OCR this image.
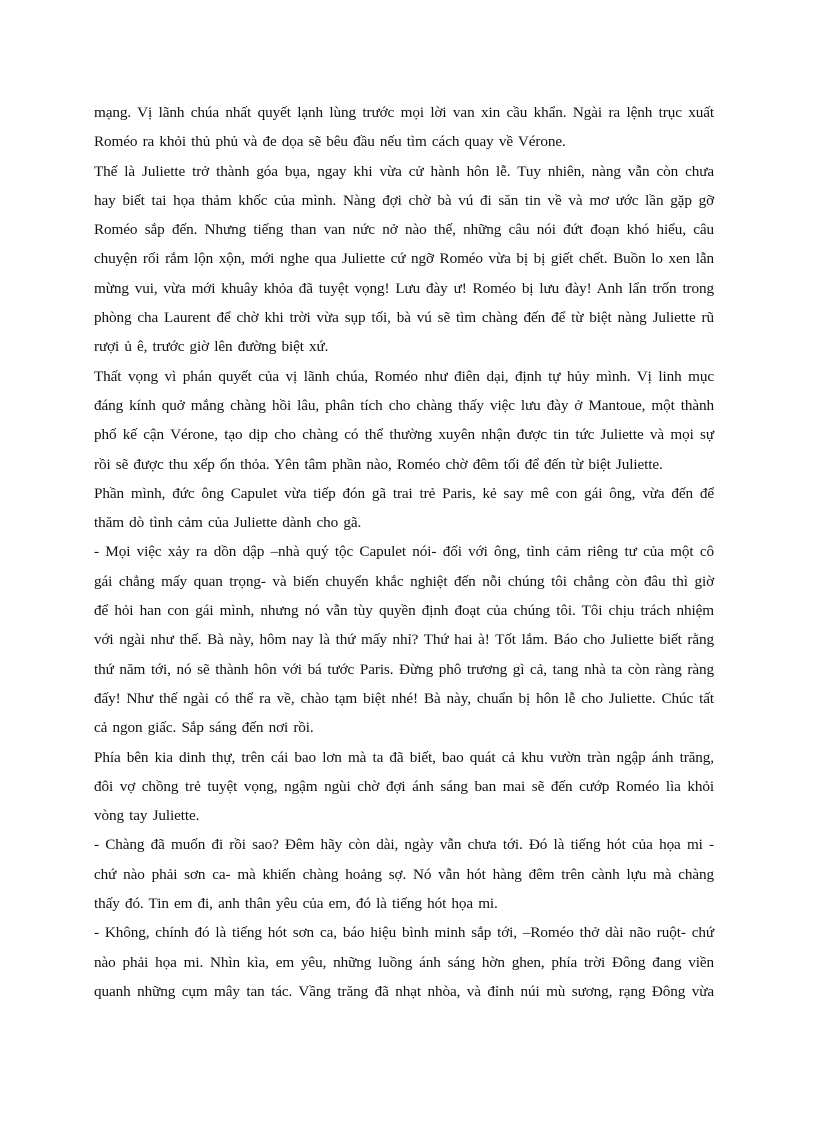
mạng. Vị lãnh chúa nhất quyết lạnh lùng trước mọi lời van xin cầu khẩn. Ngài ra lệnh trục xuất
Roméo ra khỏi thủ phủ và đe dọa sẽ bêu đầu nếu tìm cách quay về Vérone.
Thế là Juliette trở thành góa bụa, ngay khi vừa cử hành hôn lễ. Tuy nhiên, nàng vẫn còn chưa
hay biết tai họa thảm khốc của mình. Nàng đợi chờ bà vú đi săn tin về và mơ ước lần gặp gỡ
Roméo sắp đến. Nhưng tiếng than van nức nở nào thế, những câu nói đứt đoạn khó hiểu, câu
chuyện rối rắm lộn xộn, mới nghe qua Juliette cứ ngỡ Roméo vừa bị bị giết chết. Buồn lo xen lẫn
mừng vui, vừa mới khuây khỏa đã tuyệt vọng! Lưu đày ư! Roméo bị lưu đày! Anh lẩn trốn trong
phòng cha Laurent để chờ khi trời vừa sụp tối, bà vú sẽ tìm chàng đến để từ biệt nàng Juliette rũ
rượi ủ ê, trước giờ lên đường biệt xứ.
Thất vọng vì phán quyết của vị lãnh chúa, Roméo như điên dại, định tự hủy mình. Vị linh mục
đáng kính quở mắng chàng hồi lâu, phân tích cho chàng thấy việc lưu đày ở Mantoue, một thành
phố kế cận Vérone, tạo dịp cho chàng có thể thường xuyên nhận được tin tức Juliette và mọi sự
rồi sẽ được thu xếp ổn thỏa. Yên tâm phần nào, Roméo chờ đêm tối để đến từ biệt Juliette.
Phần mình, đức ông Capulet vừa tiếp đón gã trai trẻ Paris, kẻ say mê con gái ông, vừa đến để
thăm dò tình cảm của Juliette dành cho gã.
- Mọi việc xảy ra dồn dập –nhà quý tộc Capulet nói- đối với ông, tình cảm riêng tư của một cô
gái chẳng mấy quan trọng- và biến chuyển khắc nghiệt đến nỗi chúng tôi chẳng còn đâu thì giờ
để hỏi han con gái mình, nhưng nó vẫn tùy quyền định đoạt của chúng tôi. Tôi chịu trách nhiệm
với ngài như thế. Bà này, hôm nay là thứ mấy nhỉ? Thứ hai à! Tốt lắm. Báo cho Juliette biết rằng
thứ năm tới, nó sẽ thành hôn với bá tước Paris. Đừng phô trương gì cả, tang nhà ta còn ràng ràng
đấy! Như thế ngài có thể ra về, chào tạm biệt nhé! Bà này, chuẩn bị hôn lễ cho Juliette. Chúc tất
cả ngon giấc. Sắp sáng đến nơi rồi.
Phía bên kia dinh thự, trên cái bao lơn mà ta đã biết, bao quát cả khu vườn tràn ngập ánh trăng,
đôi vợ chồng trẻ tuyệt vọng, ngậm ngùi chờ đợi ánh sáng ban mai sẽ đến cướp Roméo lìa khỏi
vòng tay Juliette.
- Chàng đã muốn đi rồi sao? Đêm hãy còn dài, ngày vẫn chưa tới. Đó là tiếng hót của họa mi -
chứ nào phải sơn ca- mà khiến chàng hoảng sợ. Nó vẫn hót hàng đêm trên cành lựu mà chàng
thấy đó. Tin em đi, anh thân yêu của em, đó là tiếng hót họa mi.
- Không, chính đó là tiếng hót sơn ca, báo hiệu bình minh sắp tới, –Roméo thở dài não ruột- chứ
nào phải họa mi. Nhìn kìa, em yêu, những luồng ánh sáng hờn ghen, phía trời Đông đang viền
quanh những cụm mây tan tác. Vầng trăng đã nhạt nhòa, và đỉnh núi mù sương, rạng Đông vừa
